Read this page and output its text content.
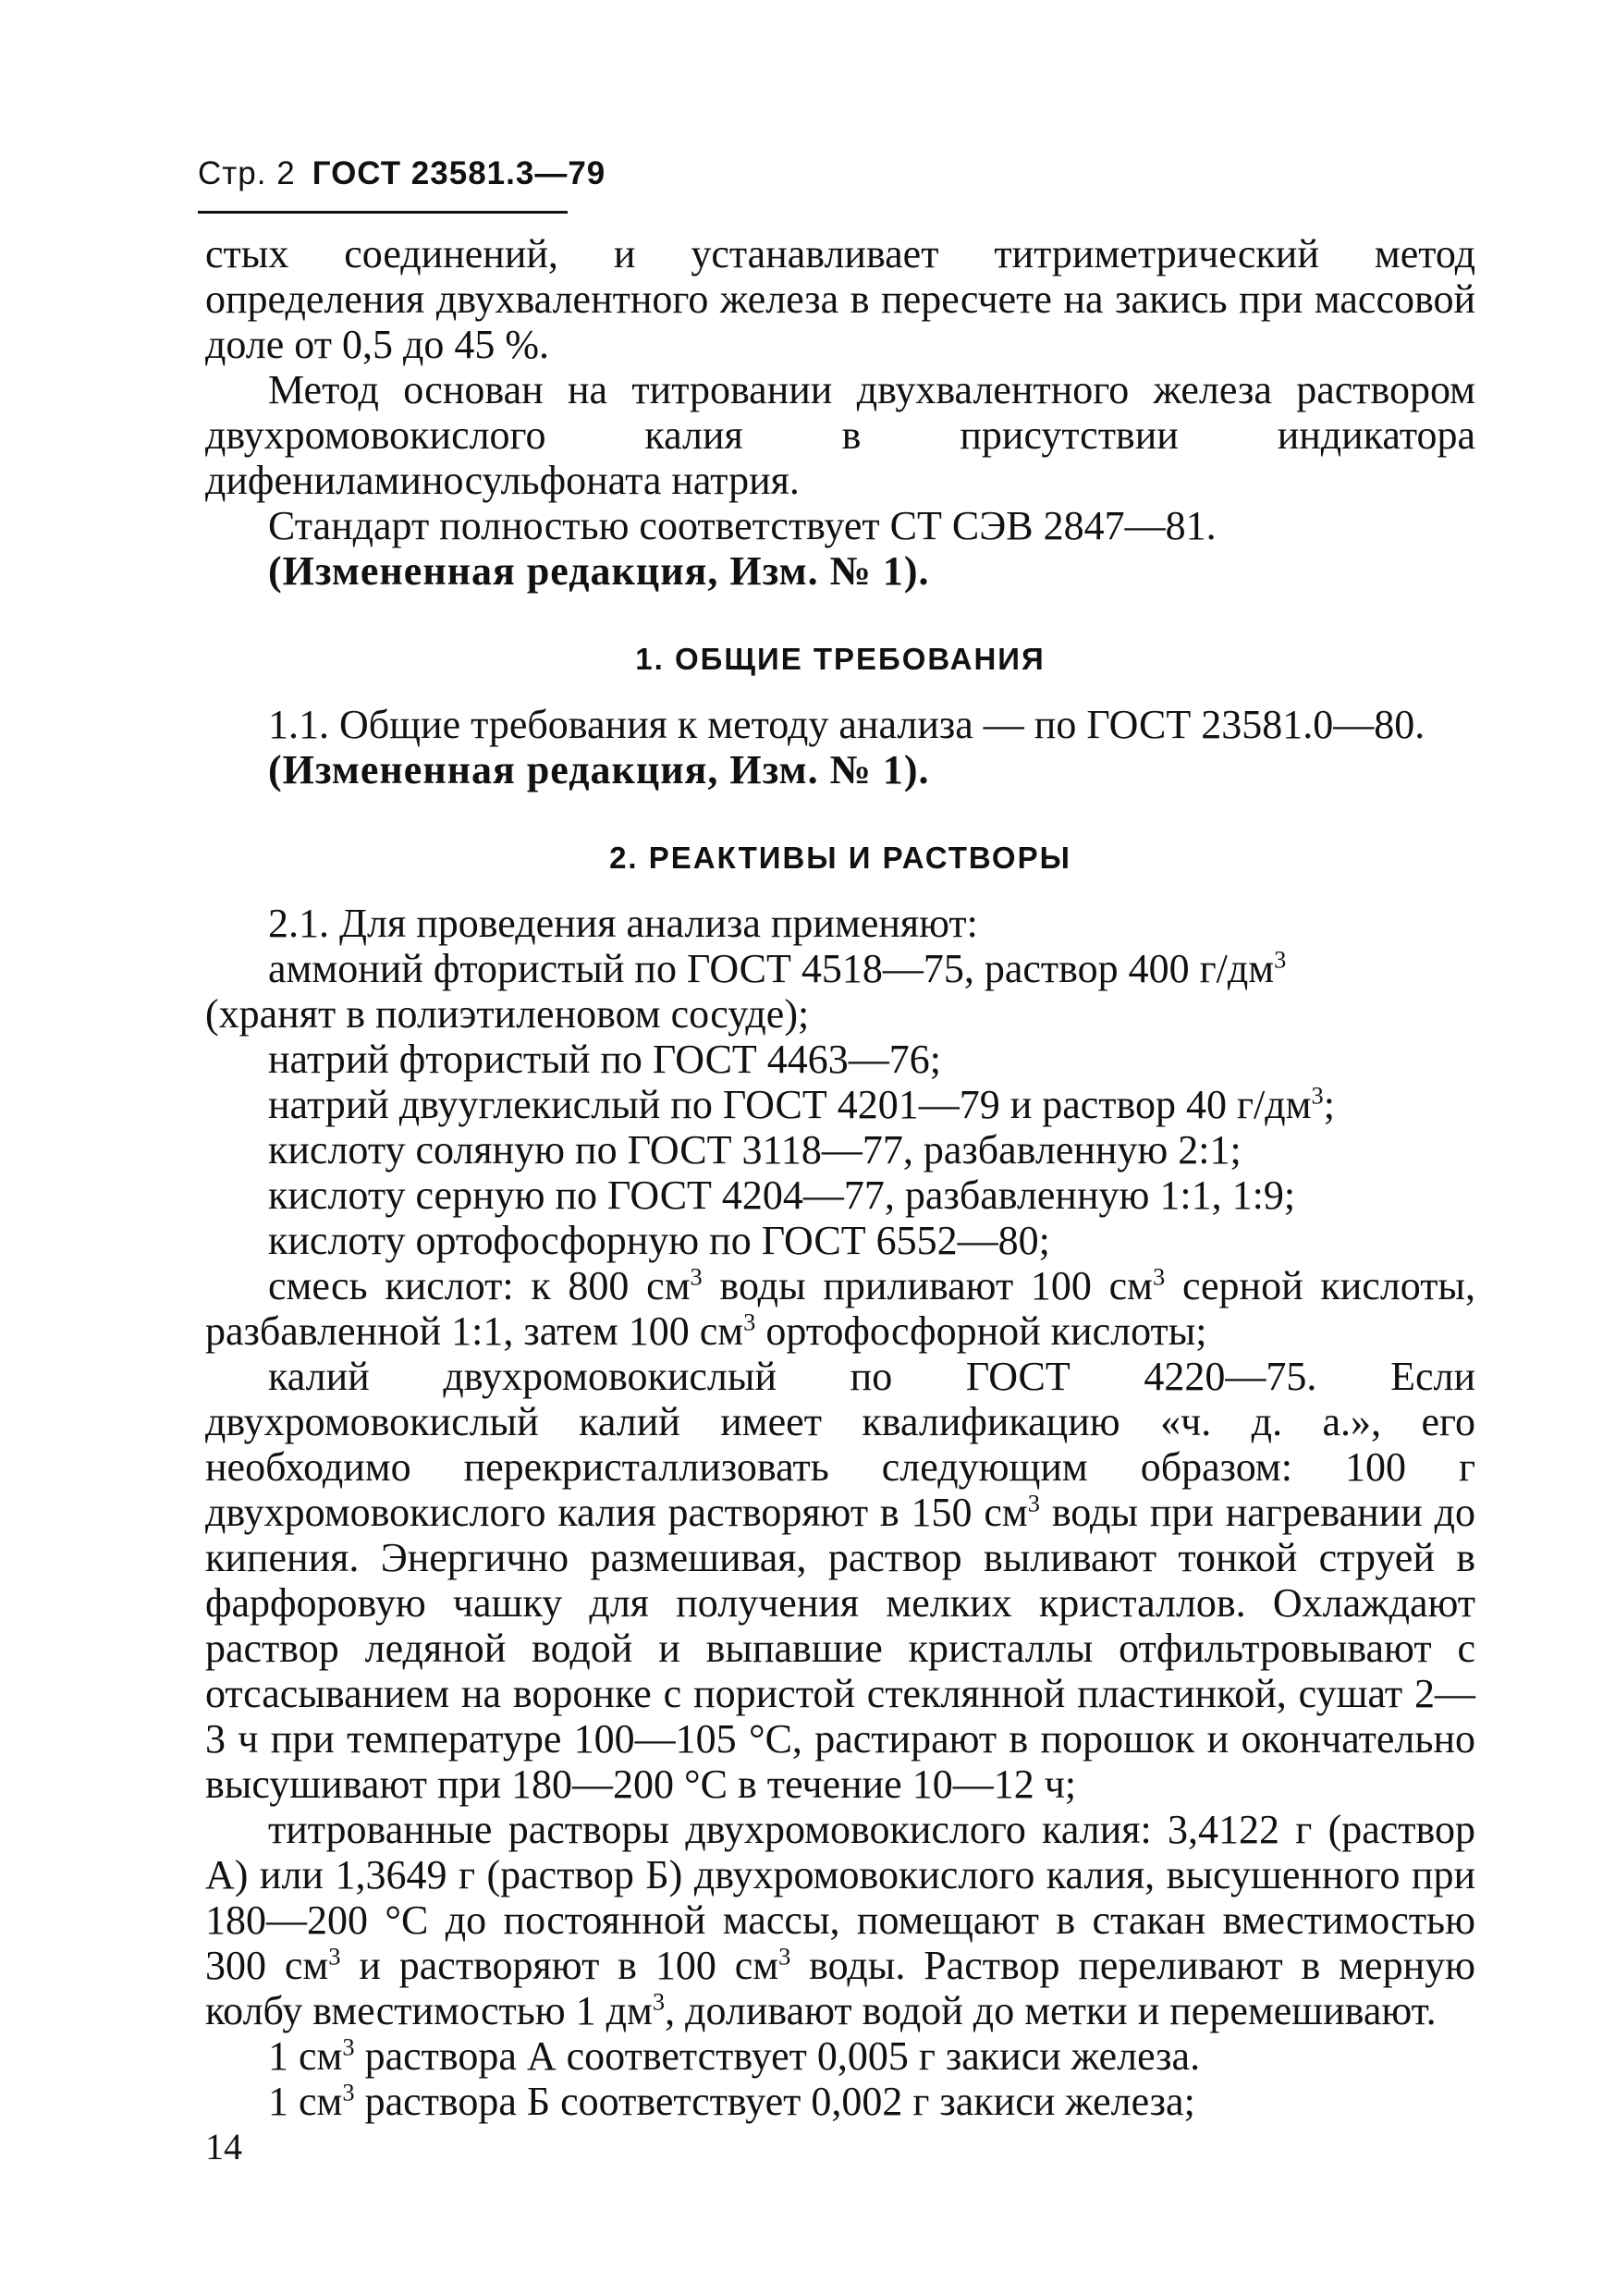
Стр. 2 ГОСТ 23581.3—79

стых соединений, и устанавливает титриметрический метод определения двухвалентного железа в пересчете на закись при массовой доле от 0,5 до 45 %.

Метод основан на титровании двухвалентного железа раствором двухромовокислого калия в присутствии индикатора дифениламиносульфоната натрия.

Стандарт полностью соответствует СТ СЭВ 2847—81.

(Измененная редакция, Изм. № 1).

1. ОБЩИЕ ТРЕБОВАНИЯ

1.1. Общие требования к методу анализа — по ГОСТ 23581.0—80.

(Измененная редакция, Изм. № 1).

2. РЕАКТИВЫ И РАСТВОРЫ

2.1. Для проведения анализа применяют:

аммоний фтористый по ГОСТ 4518—75, раствор 400 $г/дм^3$

(хранят в полиэтиленовом сосуде);

натрий фтористый по ГОСТ 4463—76;

натрий двууглекислый по ГОСТ 4201—79 и раствор 40 $г/дм^3$;

кислоту соляную по ГОСТ 3118—77, разбавленную 2:1;

кислоту серную по ГОСТ 4204—77, разбавленную 1:1, 1:9;

кислоту ортофосфорную по ГОСТ 6552—80;

смесь кислот: к 800 $см^3$ воды приливают 100 $см^3$ серной кислоты, разбавленной 1:1, затем 100 $см^3$ ортофосфорной кислоты;

калий двухромовокислый по ГОСТ 4220—75. Если двухромовокислый калий имеет квалификацию «ч. д. а.», его необходимо перекристаллизовать следующим образом: 100 г двухромовокислого калия растворяют в 150 $см^3$ воды при нагревании до кипения. Энергично размешивая, раствор выливают тонкой струей в фарфоровую чашку для получения мелких кристаллов. Охлаждают раствор ледяной водой и выпавшие кристаллы отфильтровывают с отсасыванием на воронке с пористой стеклянной пластинкой, сушат 2—3 ч при температуре 100—105 °С, растирают в порошок и окончательно высушивают при 180—200 °С в течение 10—12 ч;

титрованные растворы двухромовокислого калия: 3,4122 г (раствор А) или 1,3649 г (раствор Б) двухромовокислого калия, высушенного при 180—200 °С до постоянной массы, помещают в стакан вместимостью 300 $см^3$ и растворяют в 100 $см^3$ воды. Раствор переливают в мерную колбу вместимостью 1 $дм^3$, доливают водой до метки и перемешивают.

1 $см^3$ раствора А соответствует 0,005 г закиси железа.

1 $см^3$ раствора Б соответствует 0,002 г закиси железа;

14
